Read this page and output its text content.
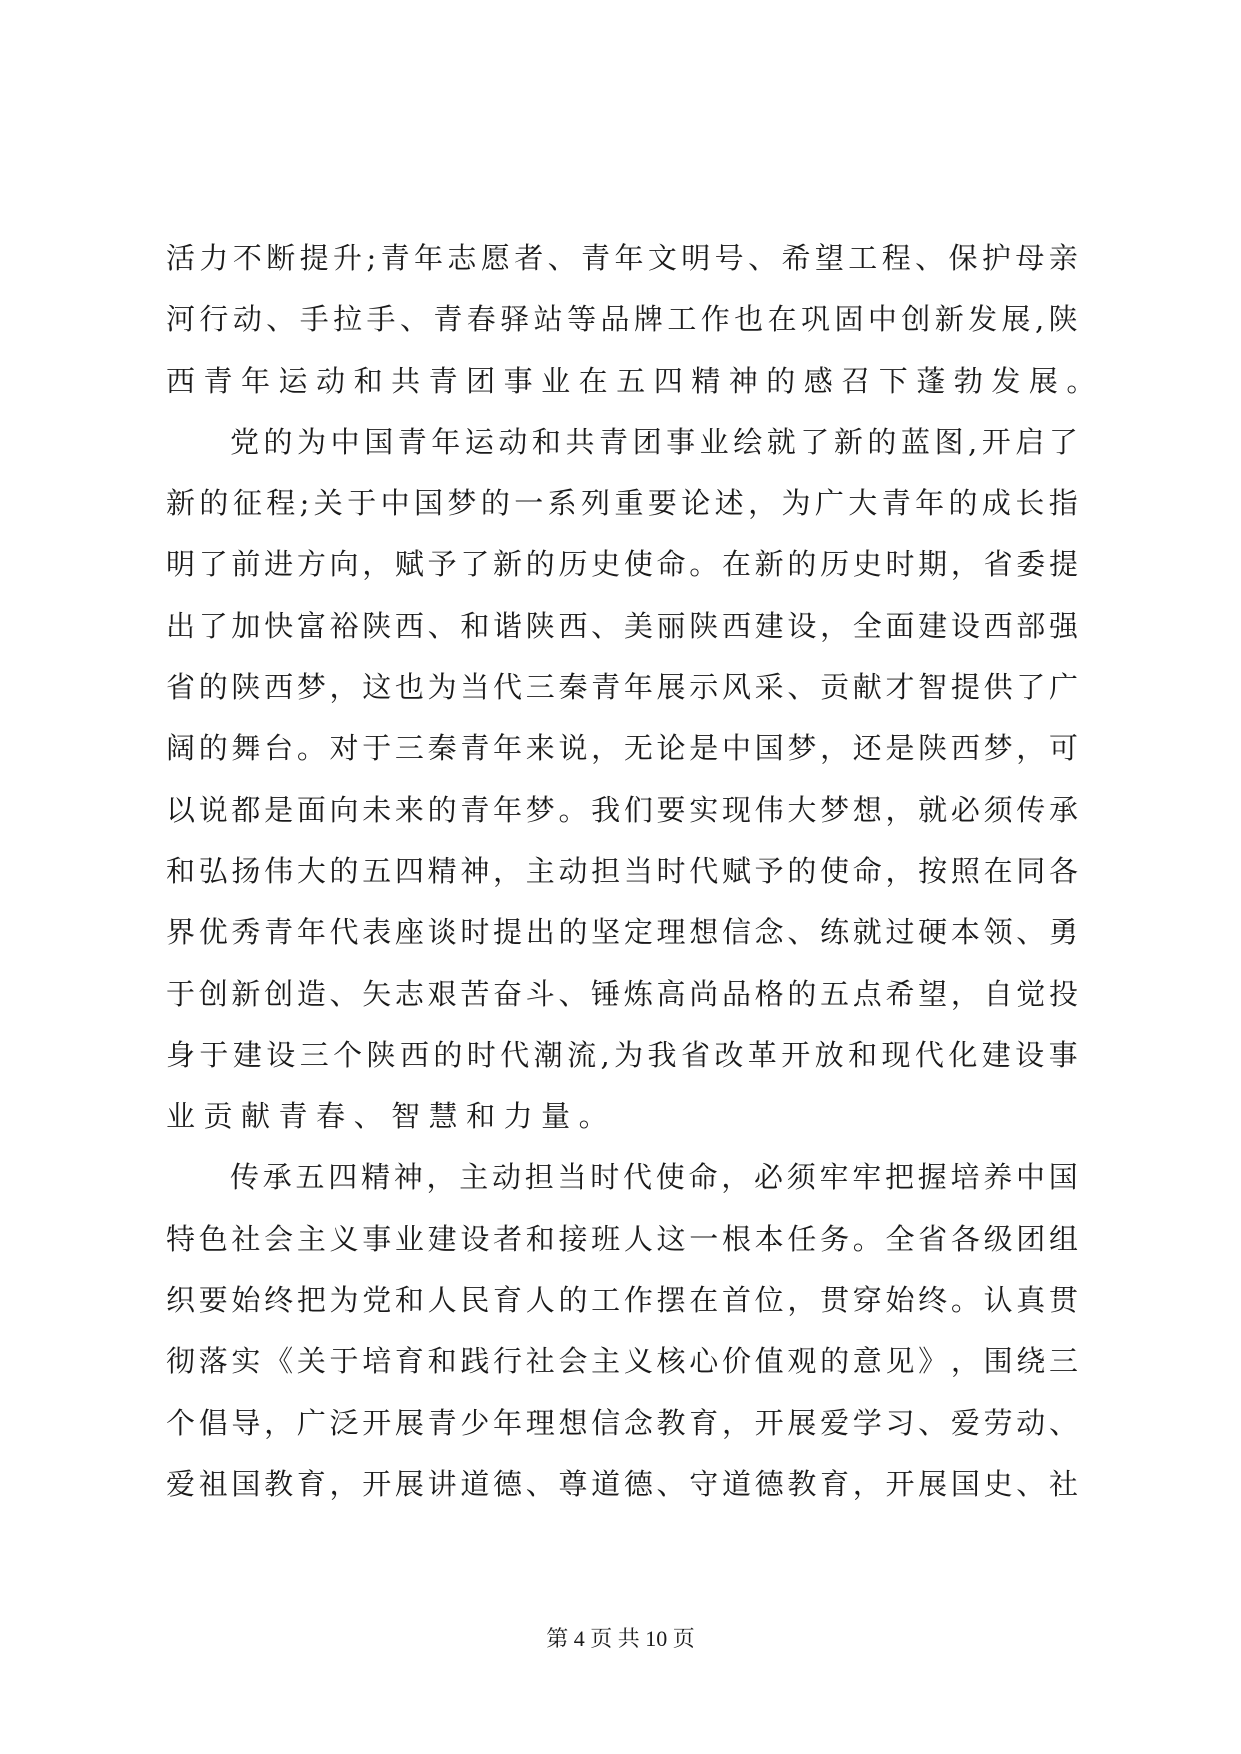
活 力 不 断 提 升 ; 青 年 志 愿 者 、 青 年 文 明 号 、 希 望 工 程 、 保 护 母 亲
河 行 动 、 手 拉 手 、 青 春 驿 站 等 品 牌 工 作 也 在 巩 固 中 创 新 发 展 , 陕
西 青 年 运 动 和 共 青 团 事 业 在 五 四 精 神 的 感 召 下 蓬 勃 发 展 。
党 的 为 中 国 青 年 运 动 和 共 青 团 事 业 绘 就 了 新 的 蓝 图 , 开 启 了
新 的 征 程 ; 关 于 中 国 梦 的 一 系 列 重 要 论 述 ， 为 广 大 青 年 的 成 长 指
明 了 前 进 方 向 ， 赋 予 了 新 的 历 史 使 命 。 在 新 的 历 史 时 期 ， 省 委 提
出 了 加 快 富 裕 陕 西 、 和 谐 陕 西 、 美 丽 陕 西 建 设 ， 全 面 建 设 西 部 强
省 的 陕 西 梦 ， 这 也 为 当 代 三 秦 青 年 展 示 风 采 、 贡 献 才 智 提 供 了 广
阔 的 舞 台 。 对 于 三 秦 青 年 来 说 ， 无 论 是 中 国 梦 ， 还 是 陕 西 梦 ， 可
以 说 都 是 面 向 未 来 的 青 年 梦 。 我 们 要 实 现 伟 大 梦 想 ， 就 必 须 传 承
和 弘 扬 伟 大 的 五 四 精 神 ， 主 动 担 当 时 代 赋 予 的 使 命 ， 按 照 在 同 各
界 优 秀 青 年 代 表 座 谈 时 提 出 的 坚 定 理 想 信 念 、 练 就 过 硬 本 领 、 勇
于 创 新 创 造 、 矢 志 艰 苦 奋 斗 、 锤 炼 高 尚 品 格 的 五 点 希 望 ， 自 觉 投
身 于 建 设 三 个 陕 西 的 时 代 潮 流 , 为 我 省 改 革 开 放 和 现 代 化 建 设 事
业 贡 献 青 春 、 智 慧 和 力 量 。
传 承 五 四 精 神 ， 主 动 担 当 时 代 使 命 ， 必 须 牢 牢 把 握 培 养 中 国
特 色 社 会 主 义 事 业 建 设 者 和 接 班 人 这 一 根 本 任 务 。 全 省 各 级 团 组
织 要 始 终 把 为 党 和 人 民 育 人 的 工 作 摆 在 首 位 ， 贯 穿 始 终 。 认 真 贯
彻 落 实 《 关 于 培 育 和 践 行 社 会 主 义 核 心 价 值 观 的 意 见 》 ， 围 绕 三
个 倡 导 ， 广 泛 开 展 青 少 年 理 想 信 念 教 育 ， 开 展 爱 学 习 、 爱 劳 动 、
爱 祖 国 教 育 ， 开 展 讲 道 德 、 尊 道 德 、 守 道 德 教 育 ， 开 展 国 史 、 社
第 4 页 共 10 页
